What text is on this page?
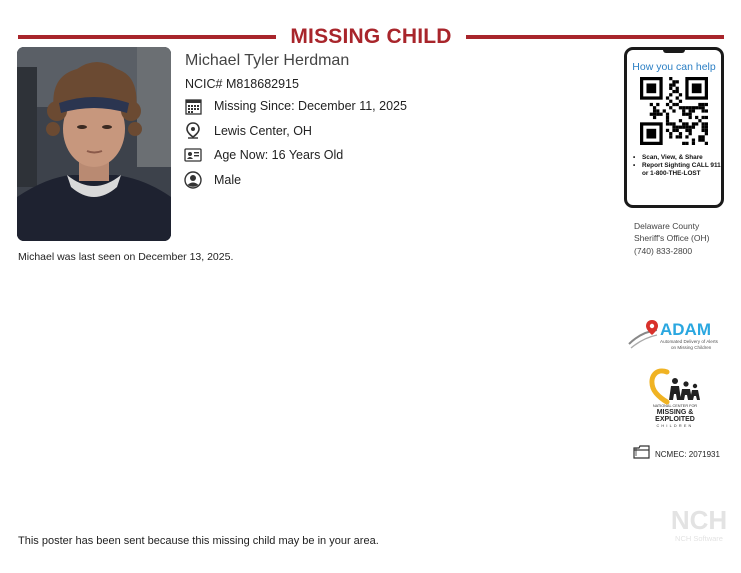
MISSING CHILD
Michael Tyler Herdman
NCIC# M818682915
Missing Since: December 11, 2025
Lewis Center, OH
Age Now: 16 Years Old
Male
Michael was last seen on December 13, 2025.
How you can help
• Scan, View, & Share
• Report Sighting CALL 911 or 1-800-THE-LOST
Delaware County
Sheriff's Office (OH)
(740) 833-2800
ADAM
Automated Delivery of Alerts
on Missing Children
NATIONAL CENTER FOR
MISSING &
EXPLOITED
CHILDREN
NCMEC: 2071931
NCH
NCH Software
This poster has been sent because this missing child may be in your area.
